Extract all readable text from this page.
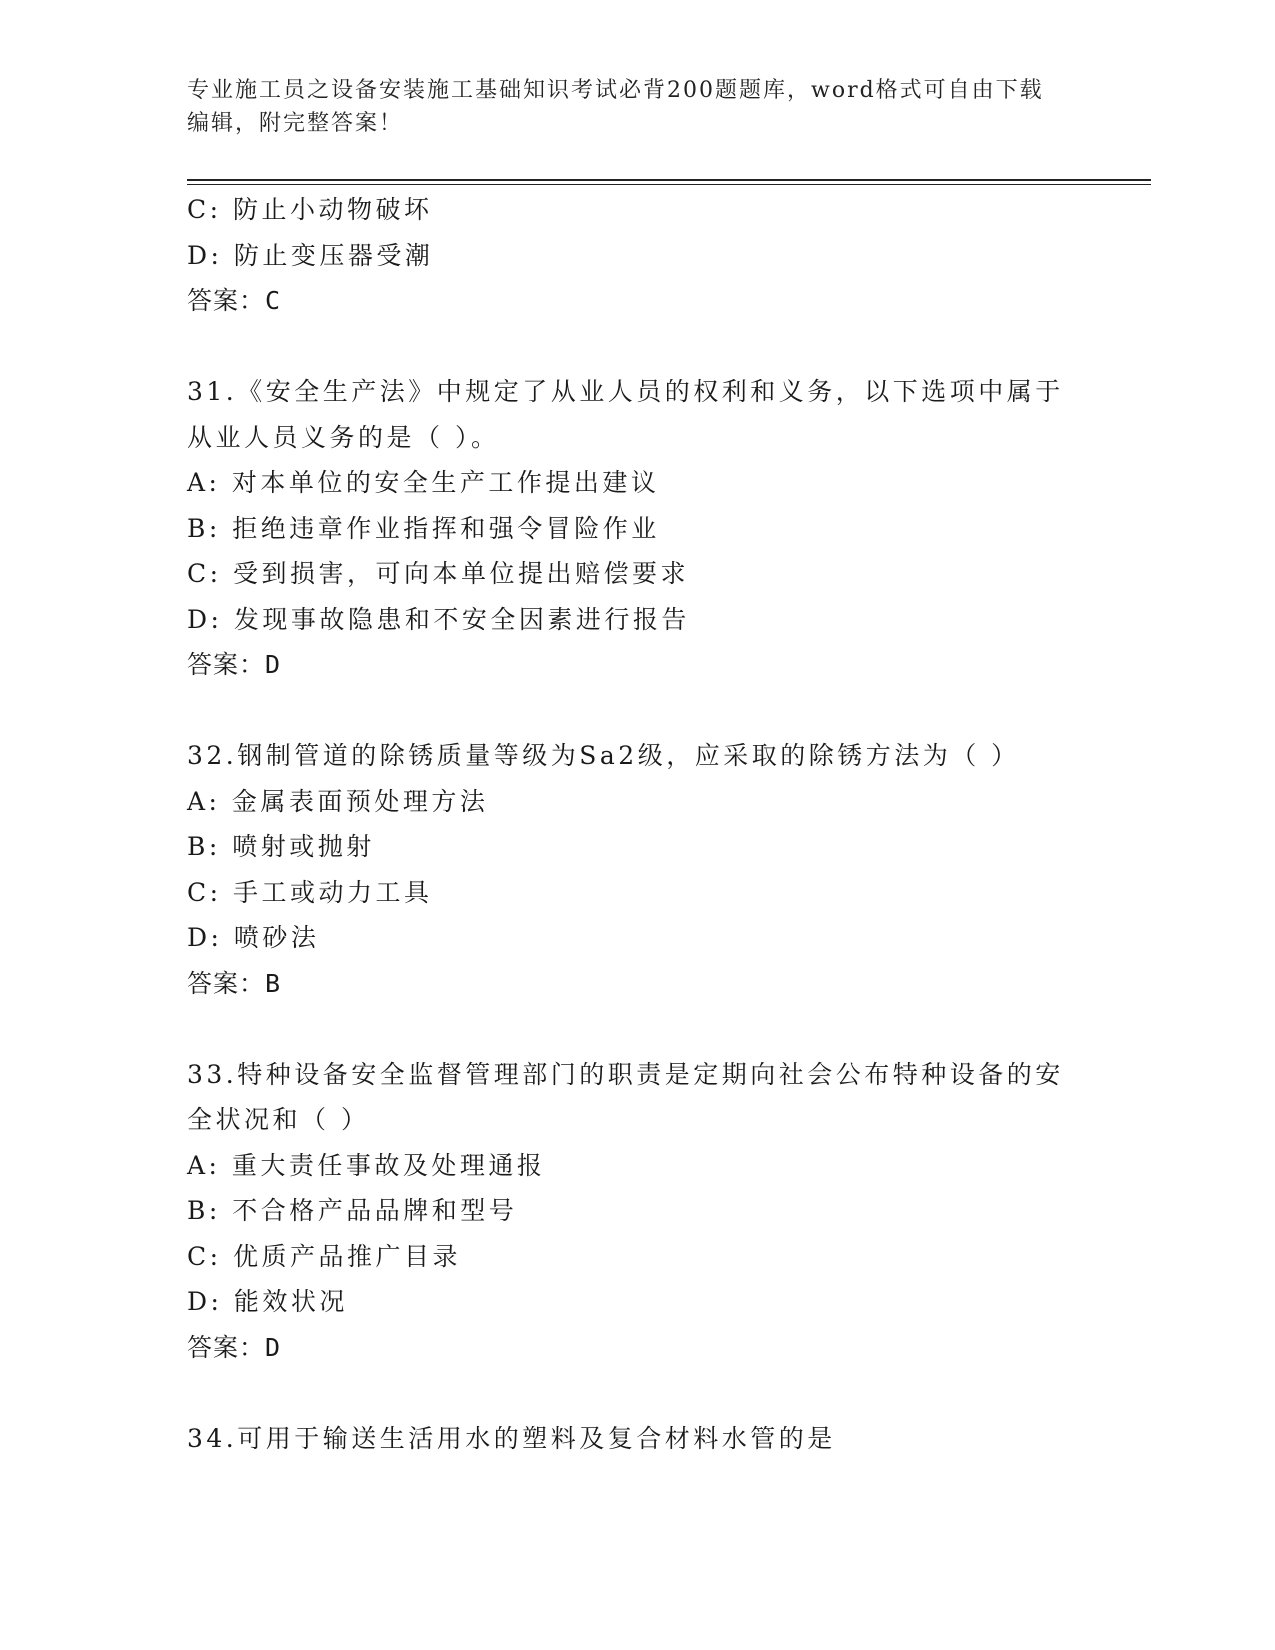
专业施工员之设备安装施工基础知识考试必背200题题库，word格式可自由下载
编辑，附完整答案！
C: 防止小动物破坏
D: 防止变压器受潮
答案：C
31.《安全生产法》中规定了从业人员的权利和义务，以下选项中属于
从业人员义务的是（ ）。
A: 对本单位的安全生产工作提出建议
B: 拒绝违章作业指挥和强令冒险作业
C: 受到损害，可向本单位提出赔偿要求
D: 发现事故隐患和不安全因素进行报告
答案：D
32.钢制管道的除锈质量等级为Sa2级，应采取的除锈方法为（ ）
A: 金属表面预处理方法
B: 喷射或抛射
C: 手工或动力工具
D: 喷砂法
答案：B
33.特种设备安全监督管理部门的职责是定期向社会公布特种设备的安
全状况和（ ）
A: 重大责任事故及处理通报
B: 不合格产品品牌和型号
C: 优质产品推广目录
D: 能效状况
答案：D
34.可用于输送生活用水的塑料及复合材料水管的是
